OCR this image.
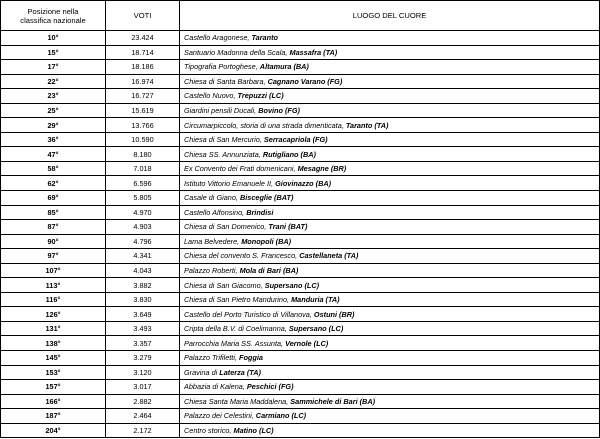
Posizione nella
classifica nazionale	VOTI	LUOGO DEL CUORE
10°	23.424	Castello Aragonese, Taranto
15°	18.714	Santuario Madonna della Scala, Massafra (TA)
17°	18.186	Tipografia Portoghese, Altamura (BA)
22°	16.974	Chiesa di Santa Barbara, Cagnano Varano (FG)
23°	16.727	Castello Nuovo, Trepuzzi (LC)
25°	15.619	Giardini pensili Ducali, Bovino (FG)
29°	13.766	Circumarpiccolo, storia di una strada dimenticata, Taranto (TA)
36°	10.590	Chiesa di San Mercurio, Serracapriola (FG)
47°	8.180	Chiesa SS. Annunziata, Rutigliano (BA)
58°	7.018	Ex Convento dei Frati domenicani, Mesagne (BR)
62°	6.596	Istituto Vittorio Emanuele II, Giovinazzo (BA)
69°	5.805	Casale di Giano, Bisceglie (BAT)
85°	4.970	Castello Alfonsino, Brindisi
87°	4.903	Chiesa di San Domenico, Trani (BAT)
90°	4.796	Lama Belvedere, Monopoli (BA)
97°	4.341	Chiesa del convento S. Francesco, Castellaneta (TA)
107°	4.043	Palazzo Roberti, Mola di Bari (BA)
113°	3.882	Chiesa di San Giacomo, Supersano (LC)
116°	3.830	Chiesa di San Pietro Mandurino, Manduria (TA)
126°	3.649	Castello del Porto Turistico di Villanova, Ostuni (BR)
131°	3.493	Cripta della B.V. di Coelimanna, Supersano (LC)
138°	3.357	Parrocchia Maria SS. Assunta, Vernole (LC)
145°	3.279	Palazzo Trifiletti, Foggia
153°	3.120	Gravina di Laterza (TA)
157°	3.017	Abbazia di Kalena, Peschici (FG)
166°	2.882	Chiesa Santa Maria Maddalena, Sammichele di Bari (BA)
187°	2.464	Palazzo dei Celestini, Carmiano (LC)
204°	2.172	Centro storico, Matino (LC)
